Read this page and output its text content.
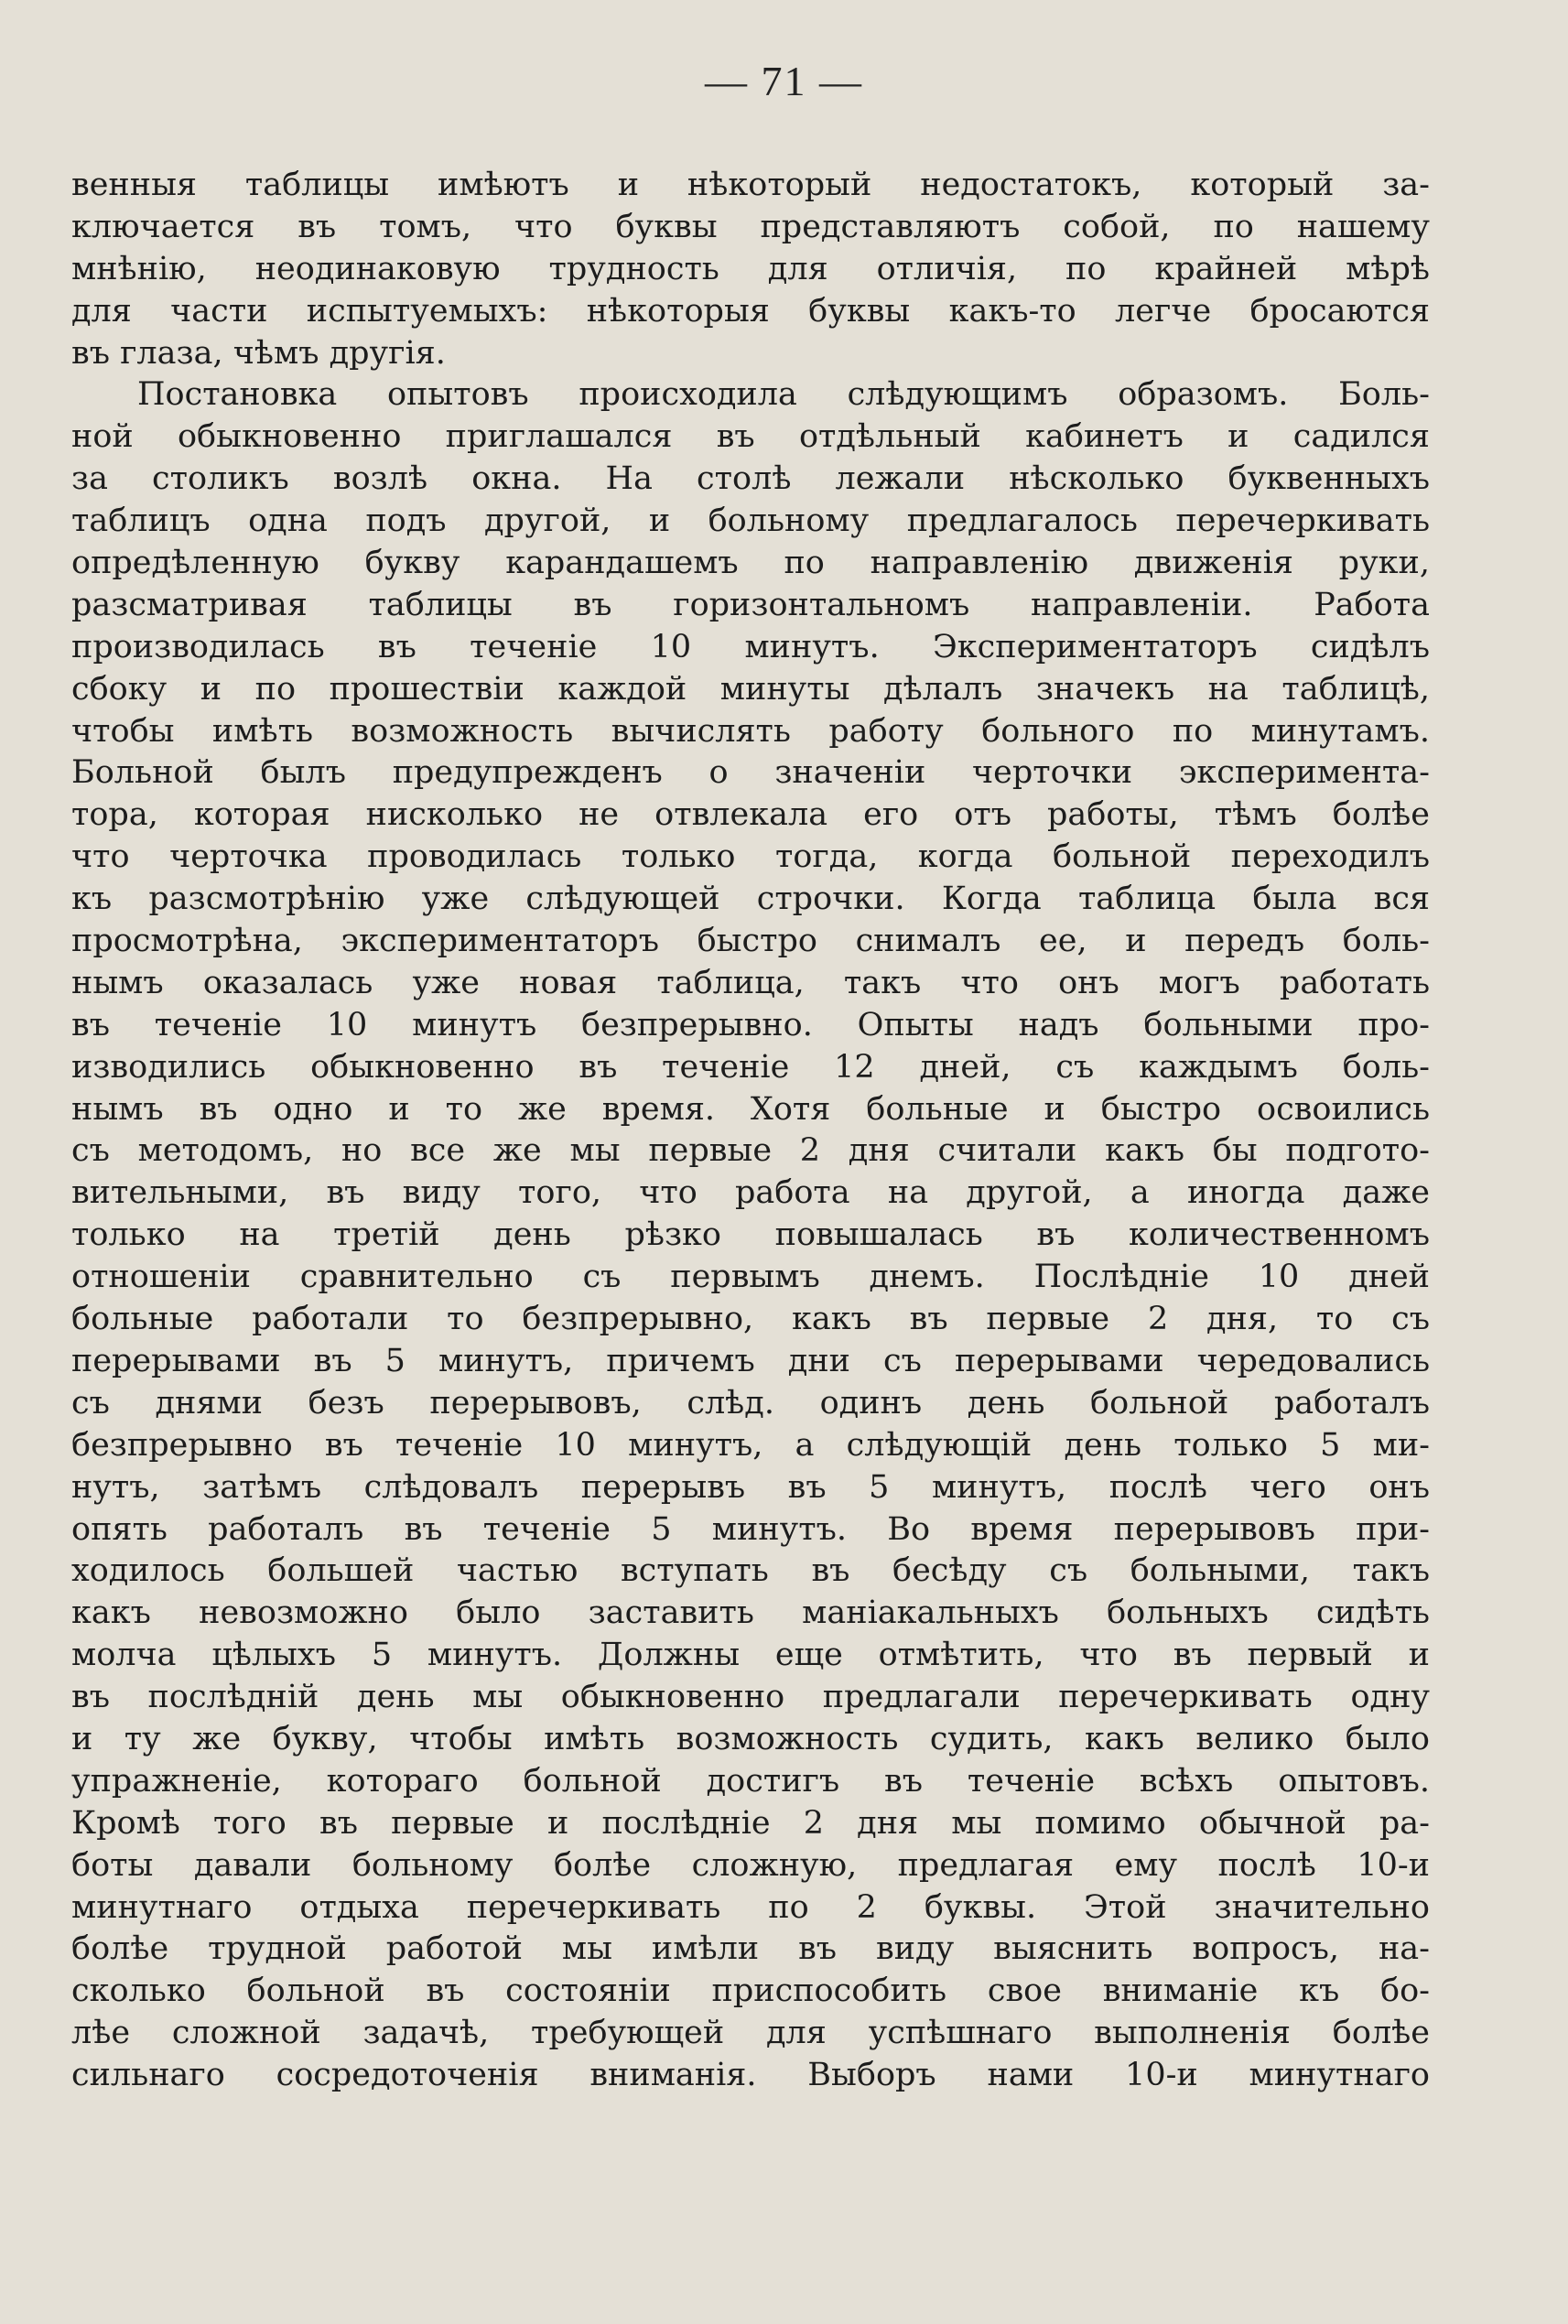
— 71 —
венныя таблицы имѣютъ и нѣкоторый недостатокъ, который за-
ключается въ томъ, что буквы представляютъ собой, по нашему
мнѣнію, неодинаковую трудность для отличія, по крайней мѣрѣ
для части испытуемыхъ: нѣкоторыя буквы какъ-то легче бросаются
въ глаза, чѣмъ другія.
Постановка опытовъ происходила слѣдующимъ образомъ. Боль-
ной обыкновенно приглашался въ отдѣльный кабинетъ и садился
за столикъ возлѣ окна. На столѣ лежали нѣсколько буквенныхъ
таблицъ одна подъ другой, и больному предлагалось перечеркивать
опредѣленную букву карандашемъ по направленію движенія руки,
разсматривая таблицы въ горизонтальномъ направленіи. Работа
производилась въ теченіе 10 минутъ. Экспериментаторъ сидѣлъ
сбоку и по прошествіи каждой минуты дѣлалъ значекъ на таблицѣ,
чтобы имѣть возможность вычислять работу больного по минутамъ.
Больной былъ предупрежденъ о значеніи черточки эксперимента-
тора, которая нисколько не отвлекала его отъ работы, тѣмъ болѣе
что черточка проводилась только тогда, когда больной переходилъ
къ разсмотрѣнію уже слѣдующей строчки. Когда таблица была вся
просмотрѣна, экспериментаторъ быстро снималъ ее, и передъ боль-
нымъ оказалась уже новая таблица, такъ что онъ могъ работать
въ теченіе 10 минутъ безпрерывно. Опыты надъ больными про-
изводились обыкновенно въ теченіе 12 дней, съ каждымъ боль-
нымъ въ одно и то же время. Хотя больные и быстро освоились
съ методомъ, но все же мы первые 2 дня считали какъ бы подгото-
вительными, въ виду того, что работа на другой, а иногда даже
только на третій день рѣзко повышалась въ количественномъ
отношеніи сравнительно съ первымъ днемъ. Послѣдніе 10 дней
больные работали то безпрерывно, какъ въ первые 2 дня, то съ
перерывами въ 5 минутъ, причемъ дни съ перерывами чередовались
съ днями безъ перерывовъ, слѣд. одинъ день больной работалъ
безпрерывно въ теченіе 10 минутъ, а слѣдующій день только 5 ми-
нутъ, затѣмъ слѣдовалъ перерывъ въ 5 минутъ, послѣ чего онъ
опять работалъ въ теченіе 5 минутъ. Во время перерывовъ при-
ходилось большей частью вступать въ бесѣду съ больными, такъ
какъ невозможно было заставить маніакальныхъ больныхъ сидѣть
молча цѣлыхъ 5 минутъ. Должны еще отмѣтить, что въ первый и
въ послѣдній день мы обыкновенно предлагали перечеркивать одну
и ту же букву, чтобы имѣть возможность судить, какъ велико было
упражненіе, котораго больной достигъ въ теченіе всѣхъ опытовъ.
Кромѣ того въ первые и послѣдніе 2 дня мы помимо обычной ра-
боты давали больному болѣе сложную, предлагая ему послѣ 10-и
минутнаго отдыха перечеркивать по 2 буквы. Этой значительно
болѣе трудной работой мы имѣли въ виду выяснить вопросъ, на-
сколько больной въ состояніи приспособить свое вниманіе къ бо-
лѣе сложной задачѣ, требующей для успѣшнаго выполненія болѣе
сильнаго сосредоточенія вниманія. Выборъ нами 10-и минутнаго
